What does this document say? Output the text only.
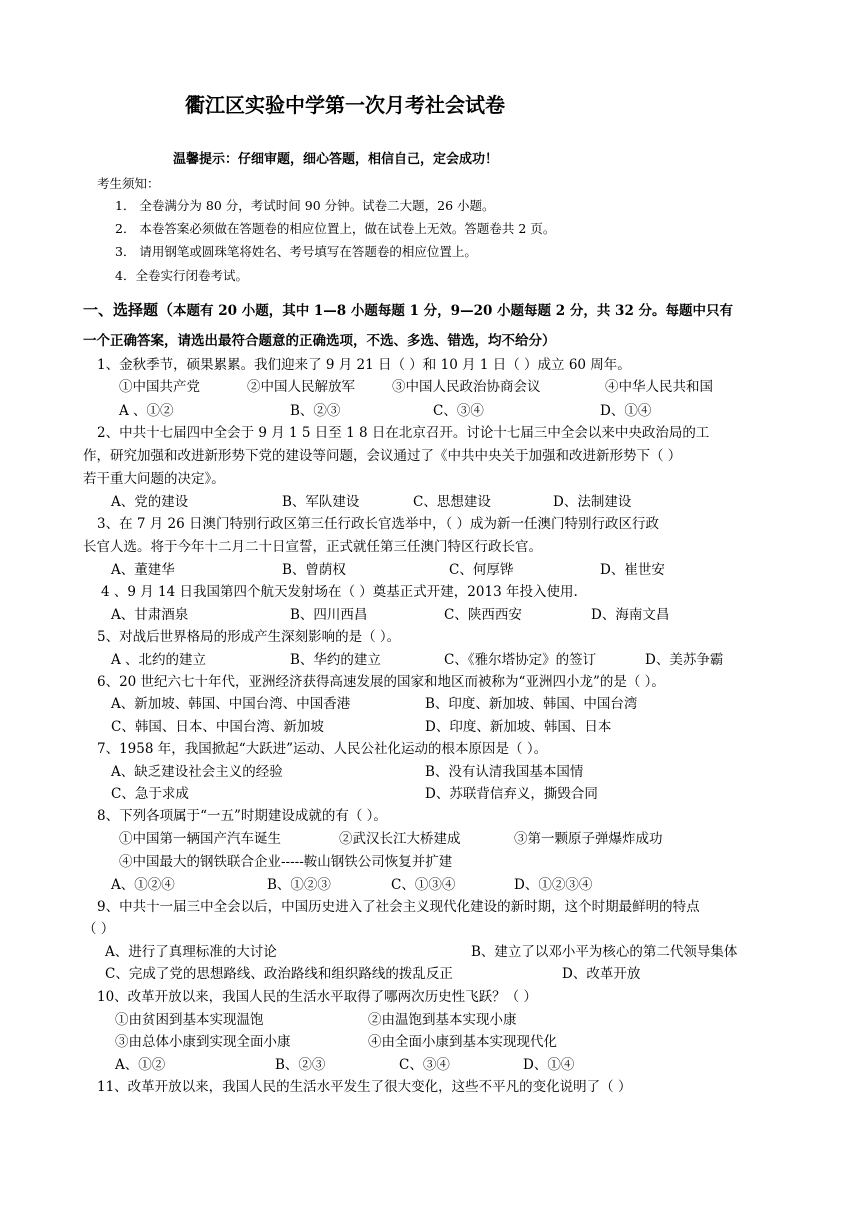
衢江区实验中学第一次月考社会试卷
温馨提示：仔细审题，细心答题，相信自己，定会成功！
考生须知：
1． 全卷满分为 80 分，考试时间 90 分钟。试卷二大题，26 小题。
2． 本卷答案必须做在答题卷的相应位置上，做在试卷上无效。答题卷共 2 页。
3． 请用钢笔或圆珠笔将姓名、考号填写在答题卷的相应位置上。
4．全卷实行闭卷考试。
一、选择题（本题有 20 小题，其中 1—8 小题每题 1 分，9—20 小题每题 2 分，共 32 分。每题中只有
一个正确答案，请选出最符合题意的正确选项，不选、多选、错选，均不给分）
1、金秋季节，硕果累累。我们迎来了 9 月 21 日（ ）和 10 月 1 日（ ）成立 60 周年。
①中国共产党	②中国人民解放军	③中国人民政治协商会议	④中华人民共和国
A 、①②	B、②③	C、③④	D、①④
2、中共十七届四中全会于 9 月 1 5 日至 1 8 日在北京召开。讨论十七届三中全会以来中央政治局的工
作，研究加强和改进新形势下党的建设等问题，会议通过了《中共中央关于加强和改进新形势下（ ）
若干重大问题的决定》。
A、党的建设	B、军队建设	C、思想建设	D、法制建设
3、在 7 月 26 日澳门特别行政区第三任行政长官选举中，（ ）成为新一任澳门特别行政区行政
长官人选。将于今年十二月二十日宣誓，正式就任第三任澳门特区行政长官。
A、董建华	B、曾荫权	C、何厚铧	D、崔世安
4 、9 月 14 日我国第四个航天发射场在（ ）奠基正式开建，2013 年投入使用.
A、甘肃酒泉	B、四川西昌	C、陕西西安	D、海南文昌
5、对战后世界格局的形成产生深刻影响的是（ ）。
A 、北约的建立	B、华约的建立	C、《雅尔塔协定》的签订	D、美苏争霸
6、20 世纪六七十年代，亚洲经济获得高速发展的国家和地区而被称为“亚洲四小龙”的是（ ）。
A、新加坡、韩国、中国台湾、中国香港	B、印度、新加坡、韩国、中国台湾
C、韩国、日本、中国台湾、新加坡	D、印度、新加坡、韩国、日本
7、1958 年，我国掀起“大跃进”运动、人民公社化运动的根本原因是（ ）。
A、缺乏建设社会主义的经验	B、没有认清我国基本国情
C、急于求成	D、苏联背信弃义，撕毁合同
8、下列各项属于“一五”时期建设成就的有（ ）。
①中国第一辆国产汽车诞生	②武汉长江大桥建成	③第一颗原子弹爆炸成功
④中国最大的钢铁联合企业-----鞍山钢铁公司恢复并扩建
A、①②④	B、①②③	C、①③④	D、①②③④
9、中共十一届三中全会以后，中国历史进入了社会主义现代化建设的新时期，这个时期最鲜明的特点
（ ）
A、进行了真理标准的大讨论	B、建立了以邓小平为核心的第二代领导集体
C、完成了党的思想路线、政治路线和组织路线的拨乱反正	D、改革开放
10、改革开放以来，我国人民的生活水平取得了哪两次历史性飞跃？（ ）
①由贫困到基本实现温饱	②由温饱到基本实现小康
③由总体小康到实现全面小康	④由全面小康到基本实现现代化
A、①②	B、②③	C、③④	D、①④
11、改革开放以来，我国人民的生活水平发生了很大变化，这些不平凡的变化说明了（ ）
